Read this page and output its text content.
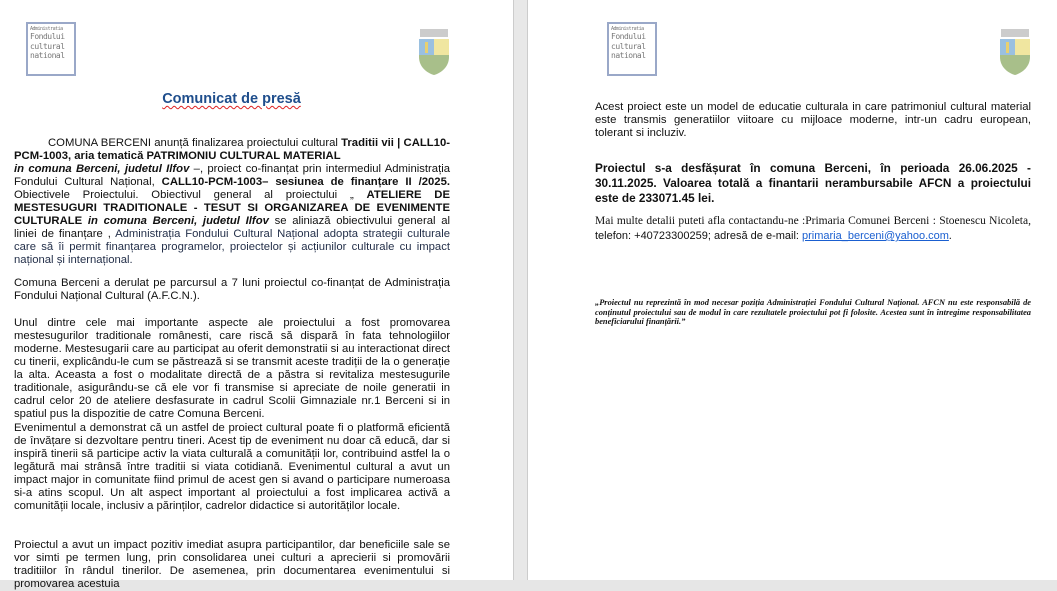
Administratia
Fondului
cultural
national
Comunicat de presă
COMUNA BERCENI anunță finalizarea proiectului cultural Traditii vii | CALL10-PCM-1003, aria tematică PATRIMONIU CULTURAL MATERIAL
in comuna Berceni, judetul Ilfov –, proiect co-finanțat prin intermediul Administrația Fondului Cultural Național, CALL10-PCM-1003– sesiunea de finanțare II /2025. Obiectivele Proiectului. Obiectivul general al proiectului „ ATELIERE DE MESTESUGURI TRADITIONALE - TESUT SI ORGANIZAREA DE EVENIMENTE CULTURALE in comuna Berceni, judetul Ilfov se aliniază obiectivului general al liniei de finanțare , Administrația Fondului Cultural Național adopta strategii culturale care să îi permit finanțarea programelor, proiectelor și acțiunilor culturale cu impact național și internațional.
Comuna Berceni a derulat pe parcursul a 7 luni proiectul co-finanțat de Administrația Fondului Național Cultural (A.F.C.N.).
Unul dintre cele mai importante aspecte ale proiectului a fost promovarea mestesugurilor traditionale românesti, care riscă să dispară în fata tehnologiilor moderne. Mestesugarii care au participat au oferit demonstratii si au interactionat direct cu tinerii, explicându-le cum se păstrează si se transmit aceste tradiții de la o generație la alta. Aceasta a fost o modalitate directă de a păstra si revitaliza mestesugurile traditionale, asigurându-se că ele vor fi transmise si apreciate de noile generatii in cadrul celor 20 de ateliere desfasurate in cadrul Scolii Gimnaziale nr.1 Berceni si in spatiul pus la dispozitie de catre Comuna Berceni.
Evenimentul a demonstrat că un astfel de proiect cultural poate fi o platformă eficientă de învățare si dezvoltare pentru tineri. Acest tip de eveniment nu doar că educă, dar si inspiră tinerii să participe activ la viata culturală a comunității lor, contribuind astfel la o legătură mai strânsă între traditii si viata cotidiană. Evenimentul cultural a avut un impact major in comunitate fiind primul de acest gen si avand o participare numeroasa si-a atins scopul. Un alt aspect important al proiectului a fost implicarea activă a comunității locale, inclusiv a părinților, cadrelor didactice si autorităților locale.
Proiectul a avut un impact pozitiv imediat asupra participantilor, dar beneficiile sale se vor simti pe termen lung, prin consolidarea unei culturi a aprecierii si promovării traditiilor în rândul tinerilor. De asemenea, prin documentarea evenimentului si promovarea acestuia
Administratia
Fondului
cultural
national
Acest proiect este un model de educatie culturala in care patrimoniul cultural material este transmis generatiilor viitoare cu mijloace moderne, intr-un cadru european, tolerant si incluziv.
Proiectul s-a desfășurat în comuna Berceni, în perioada 26.06.2025 - 30.11.2025. Valoarea totală a finantarii nerambursabile AFCN a proiectului este de 233071.45 lei.
Mai multe detalii puteti afla contactandu-ne :Primaria Comunei Berceni : Stoenescu Nicoleta, telefon: +40723300259; adresă de e-mail: primaria_berceni@yahoo.com.
„Proiectul nu reprezintă în mod necesar poziția Administrației Fondului Cultural Național. AFCN nu este responsabilă de conținutul proiectului sau de modul în care rezultatele proiectului pot fi folosite. Acestea sunt în întregime responsabilitatea beneficiarului finanțării.”
